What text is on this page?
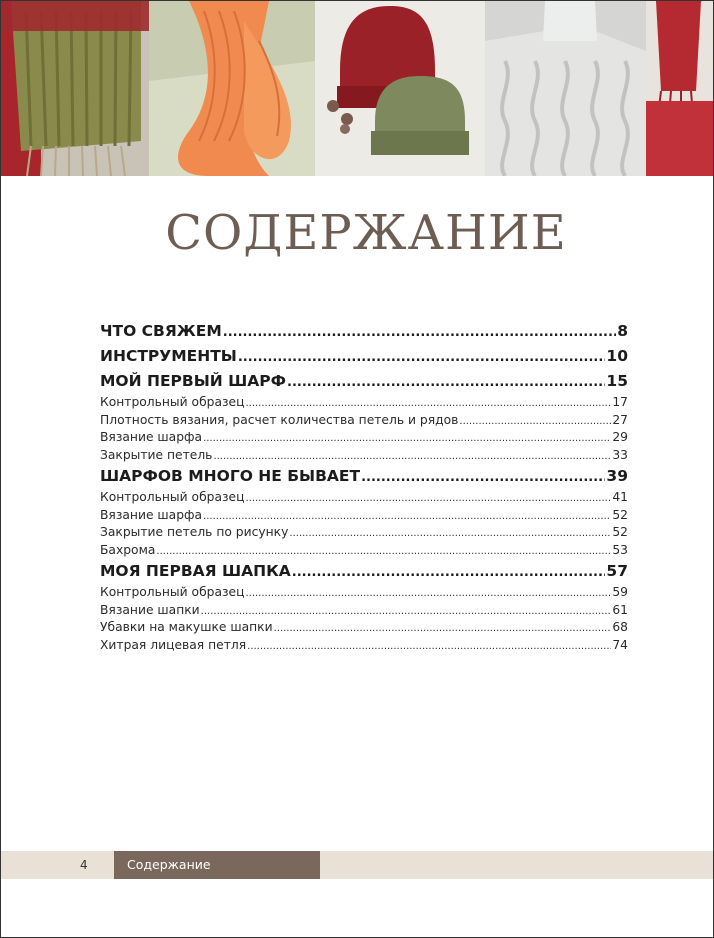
СОДЕРЖАНИЕ
ЧТО СВЯЖЕМ .....	8
ИНСТРУМЕНТЫ .....	10
МОЙ ПЕРВЫЙ ШАРФ .....	15
Контрольный образец .....	17
Плотность вязания, расчет количества петель и рядов .....	27
Вязание шарфа .....	29
Закрытие петель .....	33
ШАРФОВ МНОГО НЕ БЫВАЕТ .....	39
Контрольный образец .....	41
Вязание шарфа .....	52
Закрытие петель по рисунку .....	52
Бахрома .....	53
МОЯ ПЕРВАЯ ШАПКА .....	57
Контрольный образец .....	59
Вязание шапки .....	61
Убавки на макушке шапки .....	68
Хитрая лицевая петля .....	74
4	Содержание
